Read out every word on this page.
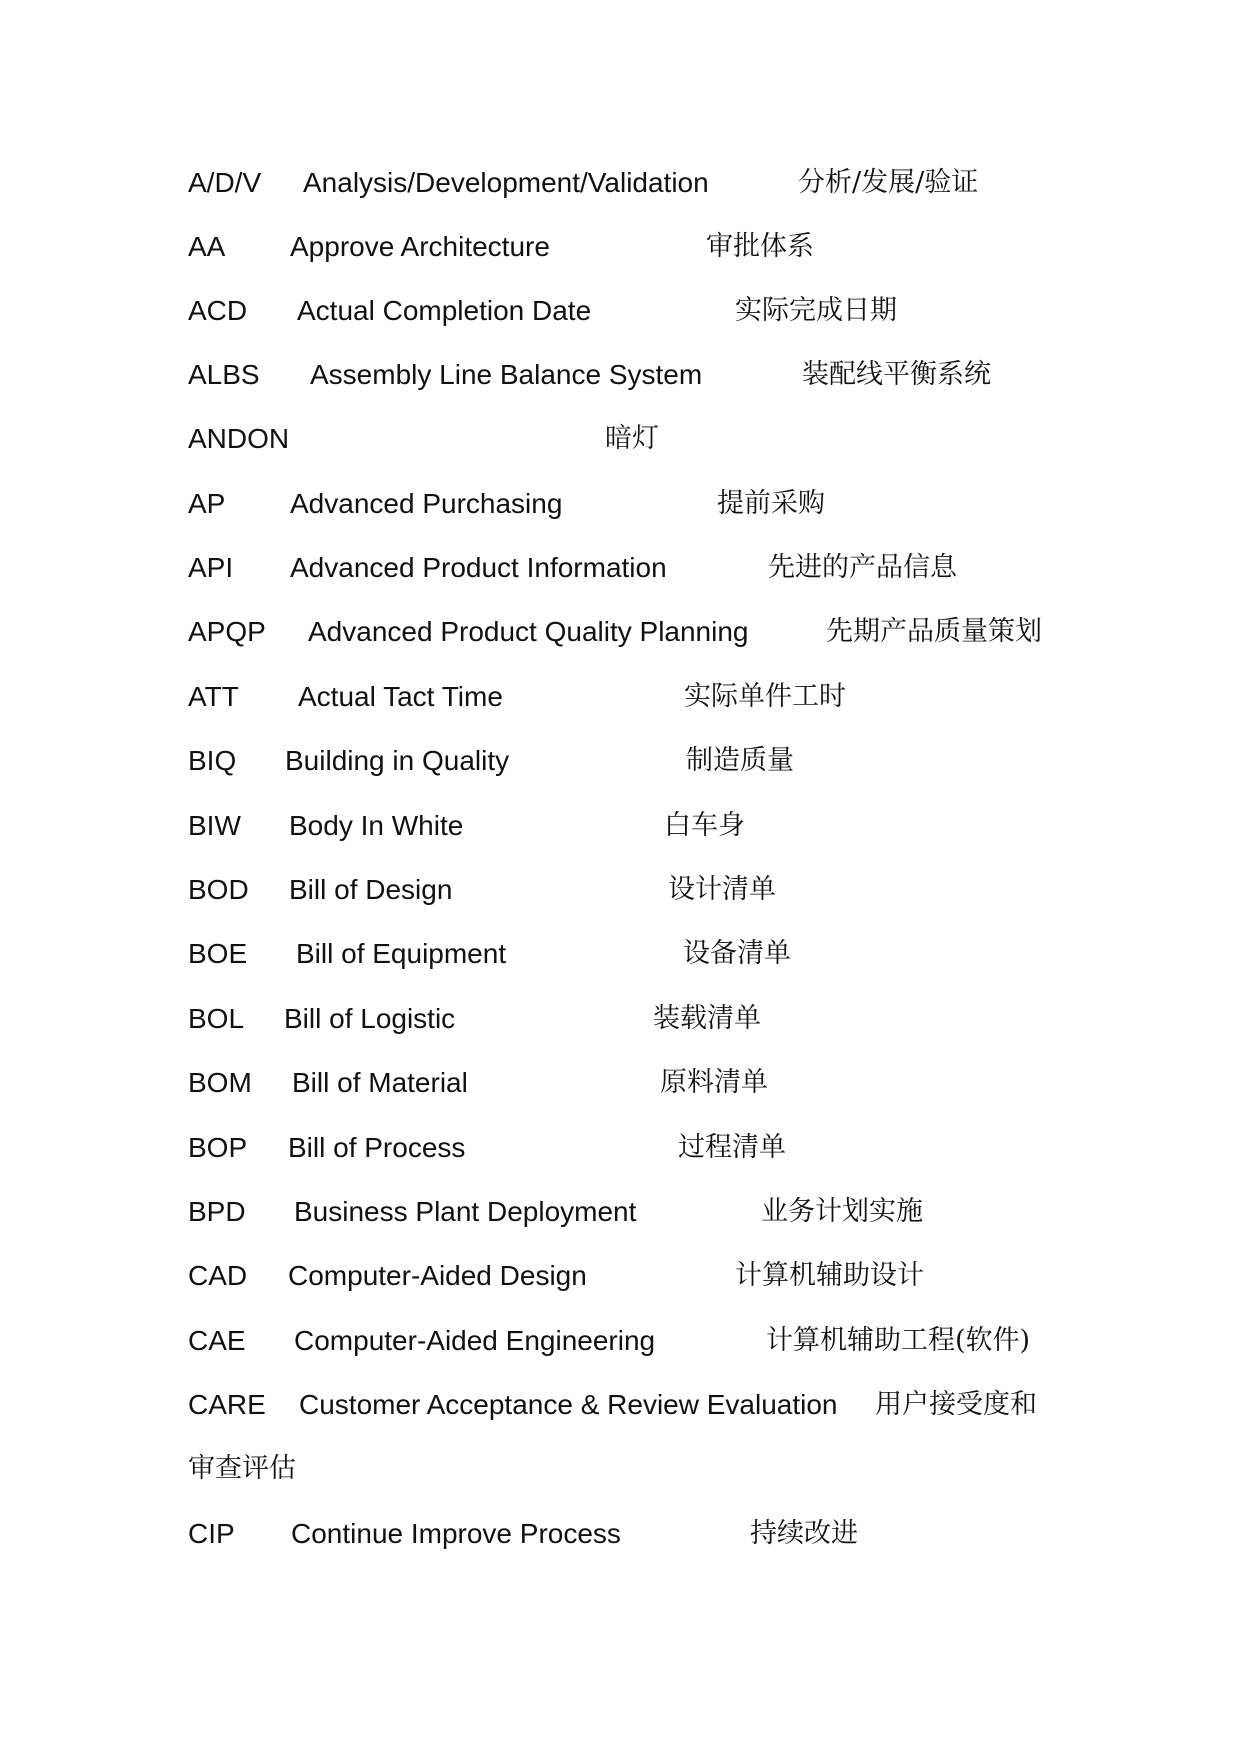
A/D/V Analysis/Development/Validation	分析/发展/验证
AA Approve Architecture	审批体系
ACD Actual Completion Date	实际完成日期
ALBS Assembly Line Balance System	装配线平衡系统
ANDON	暗灯
AP Advanced Purchasing	提前采购
API Advanced Product Information	先进的产品信息
APQP Advanced Product Quality Planning	先期产品质量策划
ATT Actual Tact Time	实际单件工时
BIQ Building in Quality	制造质量
BIW Body In White	白车身
BOD Bill of Design	设计清单
BOE Bill of Equipment	设备清单
BOL Bill of Logistic	装载清单
BOM Bill of Material	原料清单
BOP Bill of Process	过程清单
BPD Business Plant Deployment	业务计划实施
CAD Computer-Aided Design	计算机辅助设计
CAE Computer-Aided Engineering	计算机辅助工程(软件)
CARE Customer Acceptance & Review Evaluation 用户接受度和
审查评估
CIP Continue Improve Process	持续改进
